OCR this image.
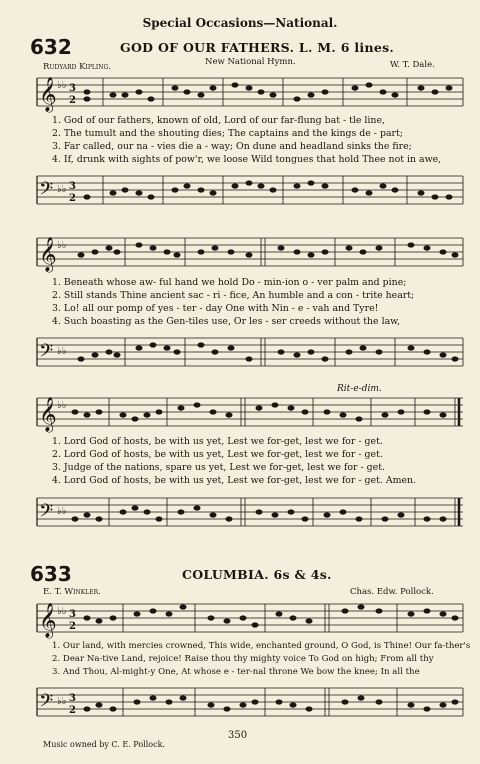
Special Occasions—National.
632	GOD OF OUR FATHERS. L. M. 6 lines.
Rudyard Kipling.	New National Hymn.	W. T. Dale.
𝄞 ♭♭ 3
2
1. God of our fathers, known of old, Lord of our far-flung bat - tle line,
2. The tumult and the shouting dies; The captains and the kings de - part;
3. Far called, our na - vies die a - way; On dune and headland sinks the fire;
4. If, drunk with sights of pow'r, we loose Wild tongues that hold Thee not in awe,
𝄢 ♭♭ 3
2
𝄞 ♭♭
1. Beneath whose aw- ful hand we hold Do - min-ion o - ver palm and pine;
2. Still stands Thine ancient sac - ri - fice, An humble and a con - trite heart;
3. Lo! all our pomp of yes - ter - day One with Nin - e - vah and Tyre!
4. Such boasting as the Gen-tiles use, Or les - ser creeds without the law,
𝄢 ♭♭
Rit-e-dim.
𝄞 ♭♭
1. Lord God of hosts, be with us yet, Lest we for-get, lest we for - get.
2. Lord God of hosts, be with us yet, Lest we for-get, lest we for - get.
3. Judge of the nations, spare us yet, Lest we for-get, lest we for - get.
4. Lord God of hosts, be with us yet, Lest we for-get, lest we for - get. Amen.
𝄢 ♭♭
633	COLUMBIA. 6s & 4s.
E. T. Winkler.	Chas. Edw. Pollock.
𝄞 ♭♭ 3
2
1. Our land, with mercies crowned, This wide, enchanted ground, O God, is Thine! Our fa-ther's
2. Dear Na-tive Land, rejoice! Raise thou thy mighty voice To God on high; From all thy
3. And Thou, Al-might-y One, At whose e - ter-nal throne We bow the knee; In all the
𝄢 ♭♭ 3
2
Music owned by C. E. Pollock.
350
